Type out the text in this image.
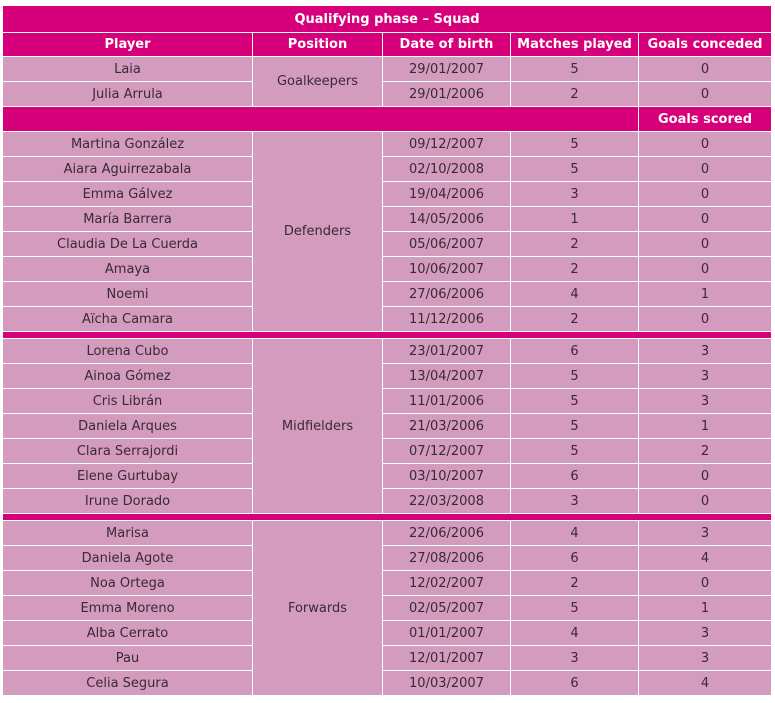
Qualifying phase – Squad				
Player	Position	Date of birth	Matches played	Goals conceded
Laia	Goalkeepers	29/01/2007	5	0
Julia Arrula		29/01/2006	2	0
				Goals scored
Martina González	Defenders	09/12/2007	5	0
Aiara Aguirrezabala		02/10/2008	5	0
Emma Gálvez		19/04/2006	3	0
María Barrera		14/05/2006	1	0
Claudia De La Cuerda		05/06/2007	2	0
Amaya		10/06/2007	2	0
Noemi		27/06/2006	4	1
Aïcha Camara		11/12/2006	2	0

Lorena Cubo	Midfielders	23/01/2007	6	3
Ainoa Gómez		13/04/2007	5	3
Cris Librán		11/01/2006	5	3
Daniela Arques		21/03/2006	5	1
Clara Serrajordi		07/12/2007	5	2
Elene Gurtubay		03/10/2007	6	0
Irune Dorado		22/03/2008	3	0

Marisa	Forwards	22/06/2006	4	3
Daniela Agote		27/08/2006	6	4
Noa Ortega		12/02/2007	2	0
Emma Moreno		02/05/2007	5	1
Alba Cerrato		01/01/2007	4	3
Pau		12/01/2007	3	3
Celia Segura		10/03/2007	6	4
